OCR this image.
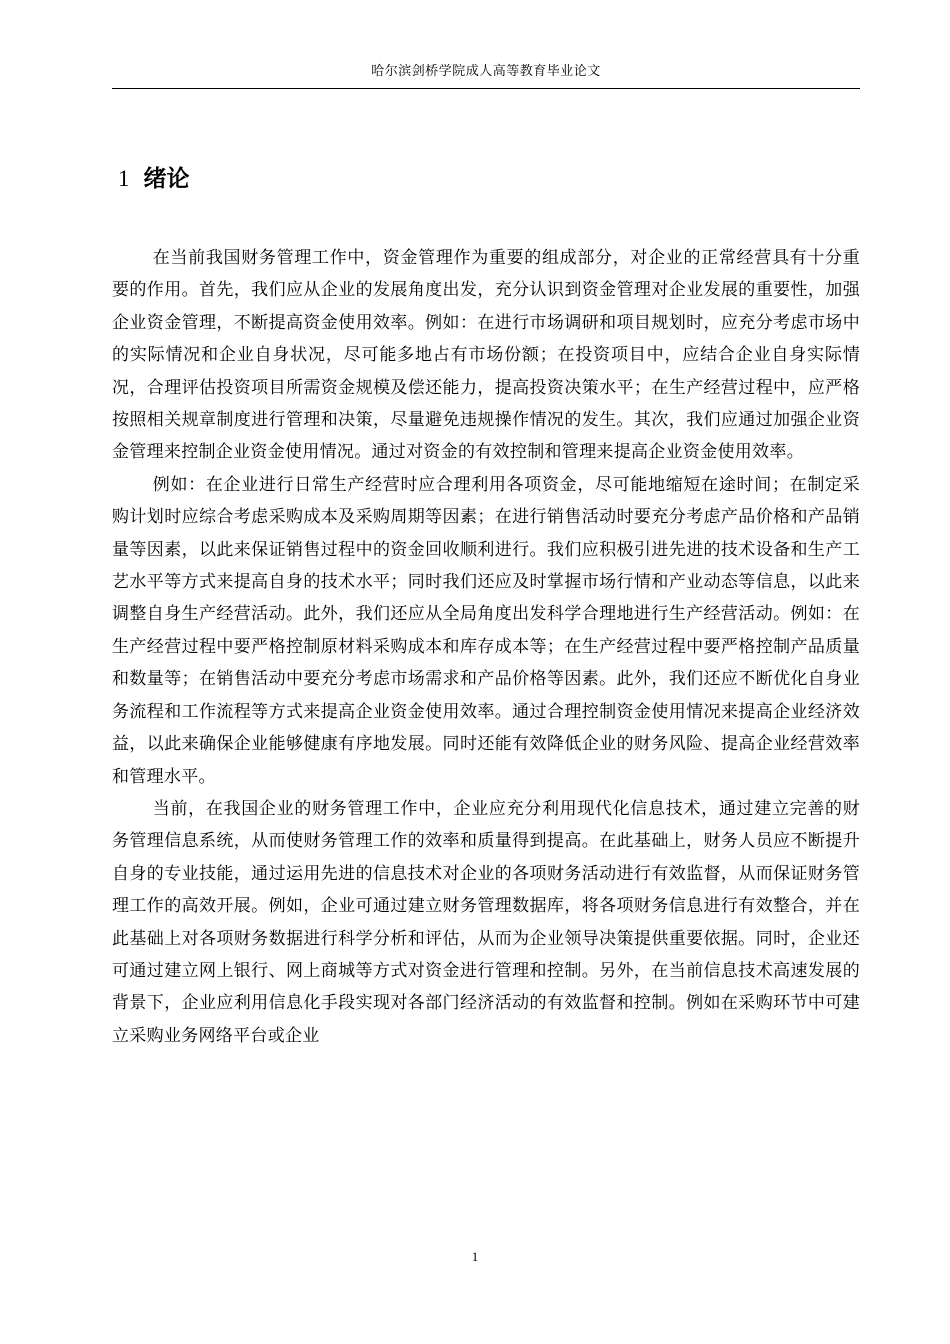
哈尔滨剑桥学院成人高等教育毕业论文
1 绪论

在当前我国财务管理工作中，资金管理作为重要的组成部分，对企业的正常经营具有十分重要的作用。首先，我们应从企业的发展角度出发，充分认识到资金管理对企业发展的重要性，加强企业资金管理，不断提高资金使用效率。例如：在进行市场调研和项目规划时，应充分考虑市场中的实际情况和企业自身状况，尽可能多地占有市场份额；在投资项目中，应结合企业自身实际情况，合理评估投资项目所需资金规模及偿还能力，提高投资决策水平；在生产经营过程中，应严格按照相关规章制度进行管理和决策，尽量避免违规操作情况的发生。其次，我们应通过加强企业资金管理来控制企业资金使用情况。通过对资金的有效控制和管理来提高企业资金使用效率。

例如：在企业进行日常生产经营时应合理利用各项资金，尽可能地缩短在途时间；在制定采购计划时应综合考虑采购成本及采购周期等因素；在进行销售活动时要充分考虑产品价格和产品销量等因素，以此来保证销售过程中的资金回收顺利进行。我们应积极引进先进的技术设备和生产工艺水平等方式来提高自身的技术水平；同时我们还应及时掌握市场行情和产业动态等信息，以此来调整自身生产经营活动。此外，我们还应从全局角度出发科学合理地进行生产经营活动。例如：在生产经营过程中要严格控制原材料采购成本和库存成本等；在生产经营过程中要严格控制产品质量和数量等；在销售活动中要充分考虑市场需求和产品价格等因素。此外，我们还应不断优化自身业务流程和工作流程等方式来提高企业资金使用效率。通过合理控制资金使用情况来提高企业经济效益，以此来确保企业能够健康有序地发展。同时还能有效降低企业的财务风险、提高企业经营效率和管理水平。

当前，在我国企业的财务管理工作中，企业应充分利用现代化信息技术，通过建立完善的财务管理信息系统，从而使财务管理工作的效率和质量得到提高。在此基础上，财务人员应不断提升自身的专业技能，通过运用先进的信息技术对企业的各项财务活动进行有效监督，从而保证财务管理工作的高效开展。例如，企业可通过建立财务管理数据库，将各项财务信息进行有效整合，并在此基础上对各项财务数据进行科学分析和评估，从而为企业领导决策提供重要依据。同时，企业还可通过建立网上银行、网上商城等方式对资金进行管理和控制。另外，在当前信息技术高速发展的背景下，企业应利用信息化手段实现对各部门经济活动的有效监督和控制。例如在采购环节中可建立采购业务网络平台或企业

1
